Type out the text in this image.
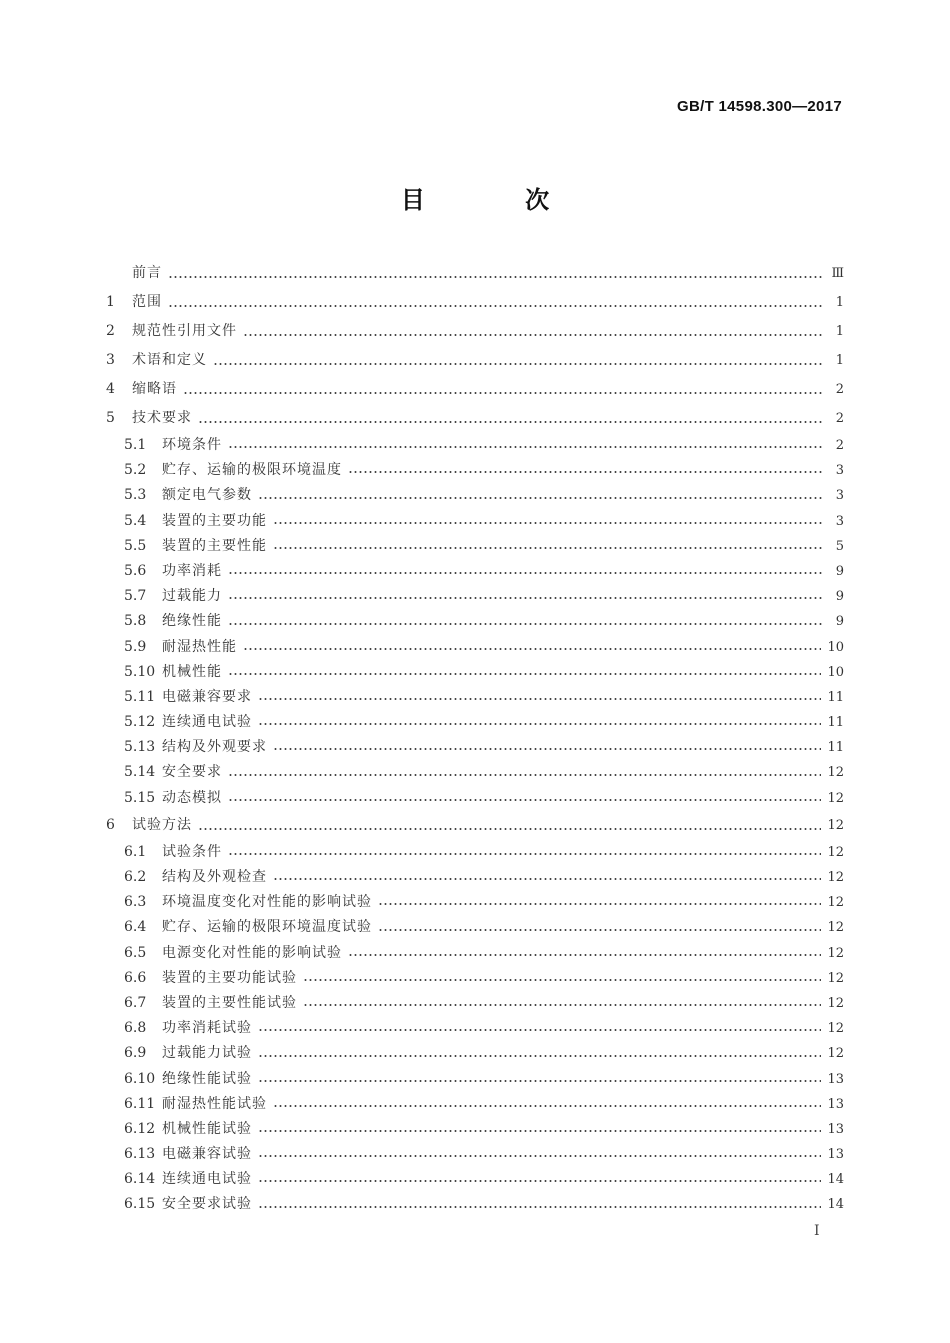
GB/T 14598.300—2017
目 次
前言	Ⅲ
1	范围	1
2	规范性引用文件	1
3	术语和定义	1
4	缩略语	2
5	技术要求	2
5.1	环境条件	2
5.2	贮存、运输的极限环境温度	3
5.3	额定电气参数	3
5.4	装置的主要功能	3
5.5	装置的主要性能	5
5.6	功率消耗	9
5.7	过载能力	9
5.8	绝缘性能	9
5.9	耐湿热性能	10
5.10 机械性能	10
5.11 电磁兼容要求	11
5.12 连续通电试验	11
5.13 结构及外观要求	11
5.14 安全要求	12
5.15 动态模拟	12
6	试验方法	12
6.1	试验条件	12
6.2	结构及外观检查	12
6.3	环境温度变化对性能的影响试验	12
6.4	贮存、运输的极限环境温度试验	12
6.5	电源变化对性能的影响试验	12
6.6	装置的主要功能试验	12
6.7	装置的主要性能试验	12
6.8	功率消耗试验	12
6.9	过载能力试验	12
6.10 绝缘性能试验	13
6.11 耐湿热性能试验	13
6.12 机械性能试验	13
6.13 电磁兼容试验	13
6.14 连续通电试验	14
6.15 安全要求试验	14
I
